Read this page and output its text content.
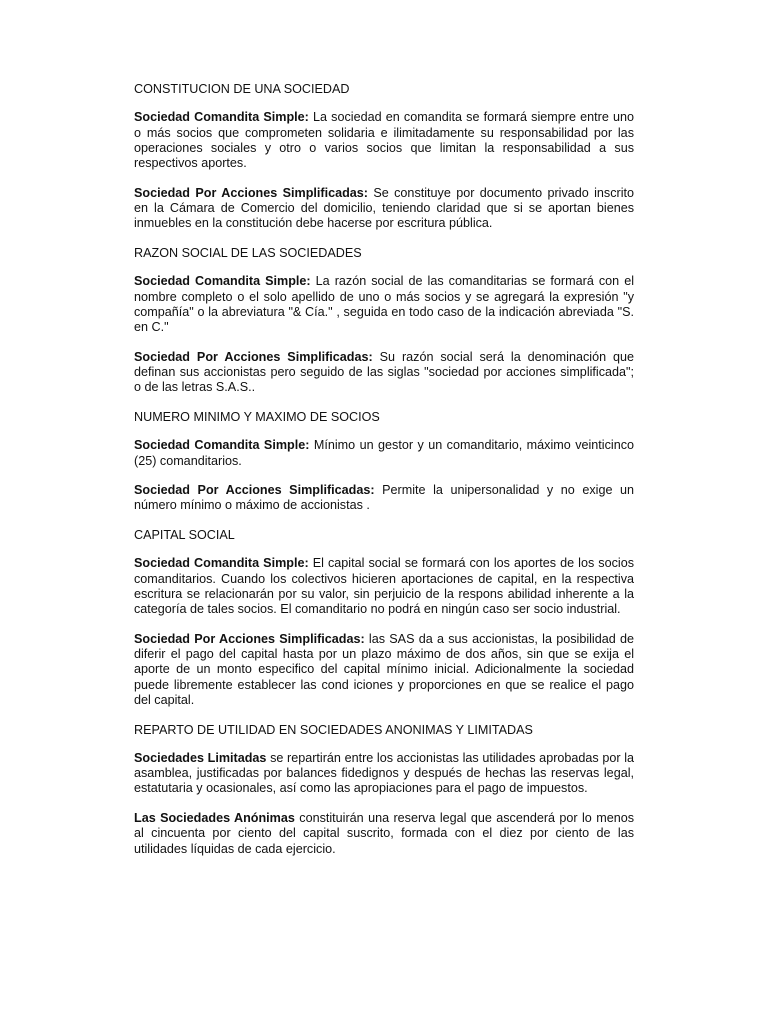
CONSTITUCION DE UNA SOCIEDAD

Sociedad Comandita Simple: La sociedad en comandita se formará siempre entre uno o más socios que comprometen solidaria e ilimitadamente su responsabilidad por las operaciones sociales y otro o varios socios que limitan la responsabilidad a sus respectivos aportes.

Sociedad Por Acciones Simplificadas: Se constituye por documento privado inscrito en la Cámara de Comercio del domicilio, teniendo claridad que si se aportan bienes inmuebles en la constitución debe hacerse por escritura pública.

RAZON SOCIAL DE LAS SOCIEDADES

Sociedad Comandita Simple: La razón social de las comanditarias se formará con el nombre completo o el solo apellido de uno o más socios y se agregará la expresión "y compañía" o la abreviatura "& Cía." , seguida en todo caso de la indicación abreviada "S. en C."

Sociedad Por Acciones Simplificadas: Su razón social será la denominación que definan sus accionistas pero seguido de las siglas "sociedad por acciones simplificada"; o de las letras S.A.S..

NUMERO MINIMO Y MAXIMO DE SOCIOS

Sociedad Comandita Simple: Mínimo un gestor y un comanditario, máximo veinticinco (25) comanditarios.

Sociedad Por Acciones Simplificadas: Permite la unipersonalidad y no exige un número mínimo o máximo de accionistas .

CAPITAL SOCIAL

Sociedad Comandita Simple: El capital social se formará con los aportes de los socios comanditarios. Cuando los colectivos hicieren aportaciones de capital, en la respectiva escritura se relacionarán por su valor, sin perjuicio de la respons abilidad inherente a la categoría de tales socios. El comanditario no podrá en ningún caso ser socio industrial.

Sociedad Por Acciones Simplificadas: las SAS da a sus accionistas, la posibilidad de diferir el pago del capital hasta por un plazo máximo de dos años, sin que se exija el aporte de un monto especifico del capital mínimo inicial. Adicionalmente la sociedad puede libremente establecer las cond iciones y proporciones en que se realice el pago del capital.

REPARTO DE UTILIDAD EN SOCIEDADES ANONIMAS Y LIMITADAS

Sociedades Limitadas se repartirán entre los accionistas las utilidades aprobadas por la asamblea, justificadas por balances fidedignos y después de hechas las reservas legal, estatutaria y ocasionales, así como las apropiaciones para el pago de impuestos.

Las Sociedades Anónimas constituirán una reserva legal que ascenderá por lo menos al cincuenta por ciento del capital suscrito, formada con el diez por ciento de las utilidades líquidas de cada ejercicio.
